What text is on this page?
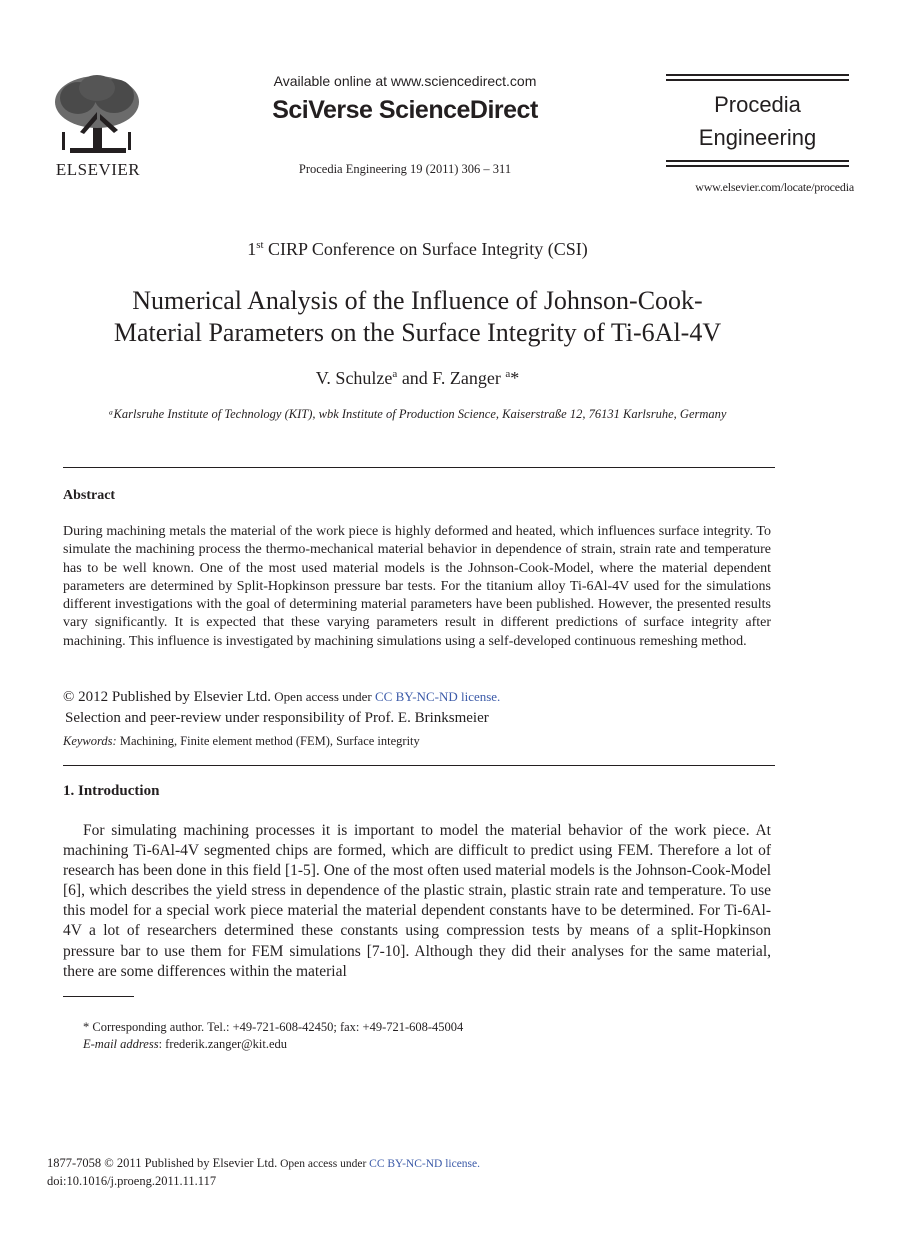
ELSEVIER
Available online at www.sciencedirect.com
SciVerse ScienceDirect
Procedia Engineering 19 (2011) 306 – 311
Procedia
Engineering
www.elsevier.com/locate/procedia
1st CIRP Conference on Surface Integrity (CSI)
Numerical Analysis of the Influence of Johnson-Cook-
Material Parameters on the Surface Integrity of Ti-6Al-4V
V. Schulze$^a$ and F. Zanger $^a$*
ᵃKarlsruhe Institute of Technology (KIT), wbk Institute of Production Science, Kaiserstraße 12, 76131 Karlsruhe, Germany
Abstract
During machining metals the material of the work piece is highly deformed and heated, which influences surface integrity. To simulate the machining process the thermo-mechanical material behavior in dependence of strain, strain rate and temperature has to be well known. One of the most used material models is the Johnson-Cook-Model, where the material dependent parameters are determined by Split-Hopkinson pressure bar tests. For the titanium alloy Ti-6Al-4V used for the simulations different investigations with the goal of determining material parameters have been published. However, the presented results vary significantly. It is expected that these varying parameters result in different predictions of surface integrity after machining. This influence is investigated by machining simulations using a self-developed continuous remeshing method.
© 2012 Published by Elsevier Ltd. Open access under CC BY-NC-ND license.
Selection and peer-review under responsibility of Prof. E. Brinksmeier
Keywords: Machining, Finite element method (FEM), Surface integrity
1. Introduction

For simulating machining processes it is important to model the material behavior of the work piece. At machining Ti-6Al-4V segmented chips are formed, which are difficult to predict using FEM. Therefore a lot of research has been done in this field [1-5]. One of the most often used material models is the Johnson-Cook-Model [6], which describes the yield stress in dependence of the plastic strain, plastic strain rate and temperature. To use this model for a special work piece material the material dependent constants have to be determined. For Ti-6Al-4V a lot of researchers determined these constants using compression tests by means of a split-Hopkinson pressure bar to use them for FEM simulations [7-10]. Although they did their analyses for the same material, there are some differences within the material

* Corresponding author. Tel.: +49-721-608-42450; fax: +49-721-608-45004
E-mail address: frederik.zanger@kit.edu
1877-7058 © 2011 Published by Elsevier Ltd. Open access under CC BY-NC-ND license.
doi:10.1016/j.proeng.2011.11.117
